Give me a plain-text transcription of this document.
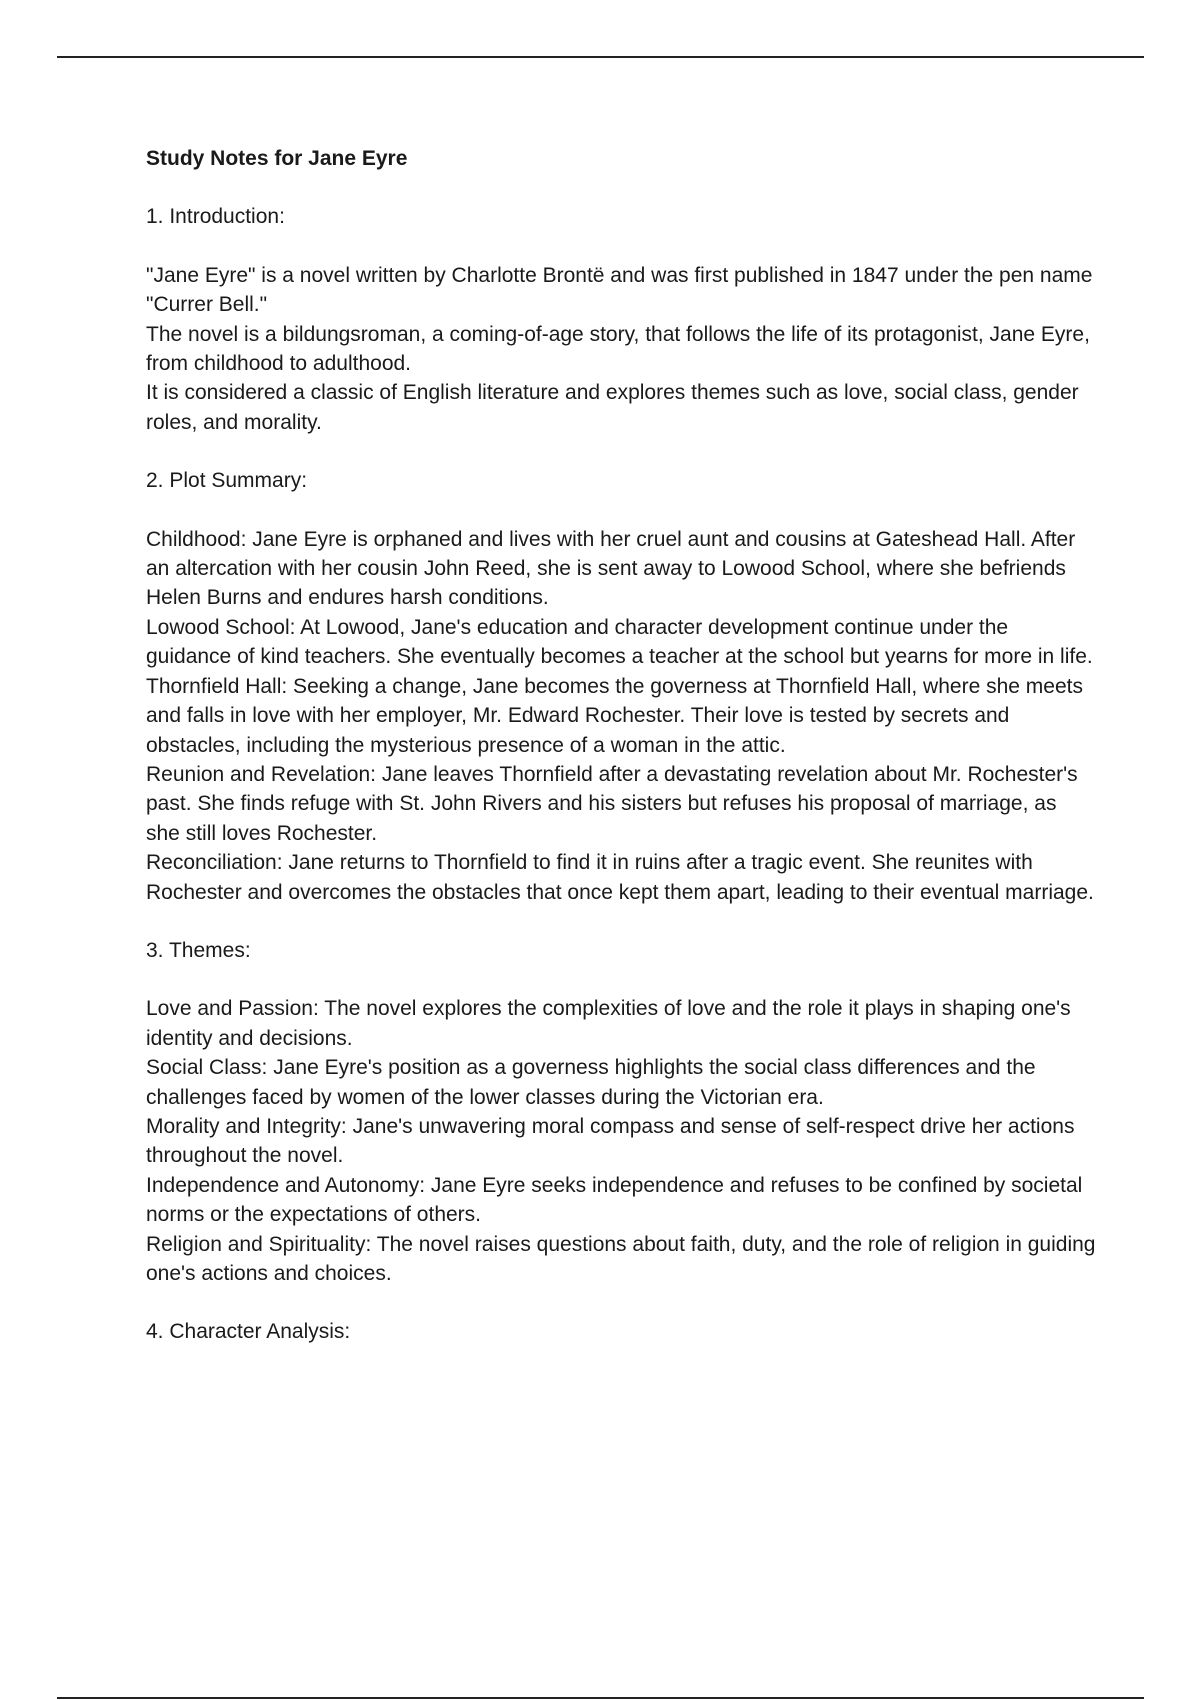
Study Notes for Jane Eyre
1. Introduction:

"Jane Eyre" is a novel written by Charlotte Brontë and was first published in 1847 under the pen name "Currer Bell."

The novel is a bildungsroman, a coming-of-age story, that follows the life of its protagonist, Jane Eyre, from childhood to adulthood.

It is considered a classic of English literature and explores themes such as love, social class, gender roles, and morality.

2. Plot Summary:

Childhood: Jane Eyre is orphaned and lives with her cruel aunt and cousins at Gateshead Hall. After an altercation with her cousin John Reed, she is sent away to Lowood School, where she befriends Helen Burns and endures harsh conditions.

Lowood School: At Lowood, Jane's education and character development continue under the guidance of kind teachers. She eventually becomes a teacher at the school but yearns for more in life.

Thornfield Hall: Seeking a change, Jane becomes the governess at Thornfield Hall, where she meets and falls in love with her employer, Mr. Edward Rochester. Their love is tested by secrets and obstacles, including the mysterious presence of a woman in the attic.

Reunion and Revelation: Jane leaves Thornfield after a devastating revelation about Mr. Rochester's past. She finds refuge with St. John Rivers and his sisters but refuses his proposal of marriage, as she still loves Rochester.

Reconciliation: Jane returns to Thornfield to find it in ruins after a tragic event. She reunites with Rochester and overcomes the obstacles that once kept them apart, leading to their eventual marriage.

3. Themes:

Love and Passion: The novel explores the complexities of love and the role it plays in shaping one's identity and decisions.

Social Class: Jane Eyre's position as a governess highlights the social class differences and the challenges faced by women of the lower classes during the Victorian era.

Morality and Integrity: Jane's unwavering moral compass and sense of self-respect drive her actions throughout the novel.

Independence and Autonomy: Jane Eyre seeks independence and refuses to be confined by societal norms or the expectations of others.

Religion and Spirituality: The novel raises questions about faith, duty, and the role of religion in guiding one's actions and choices.

4. Character Analysis:
